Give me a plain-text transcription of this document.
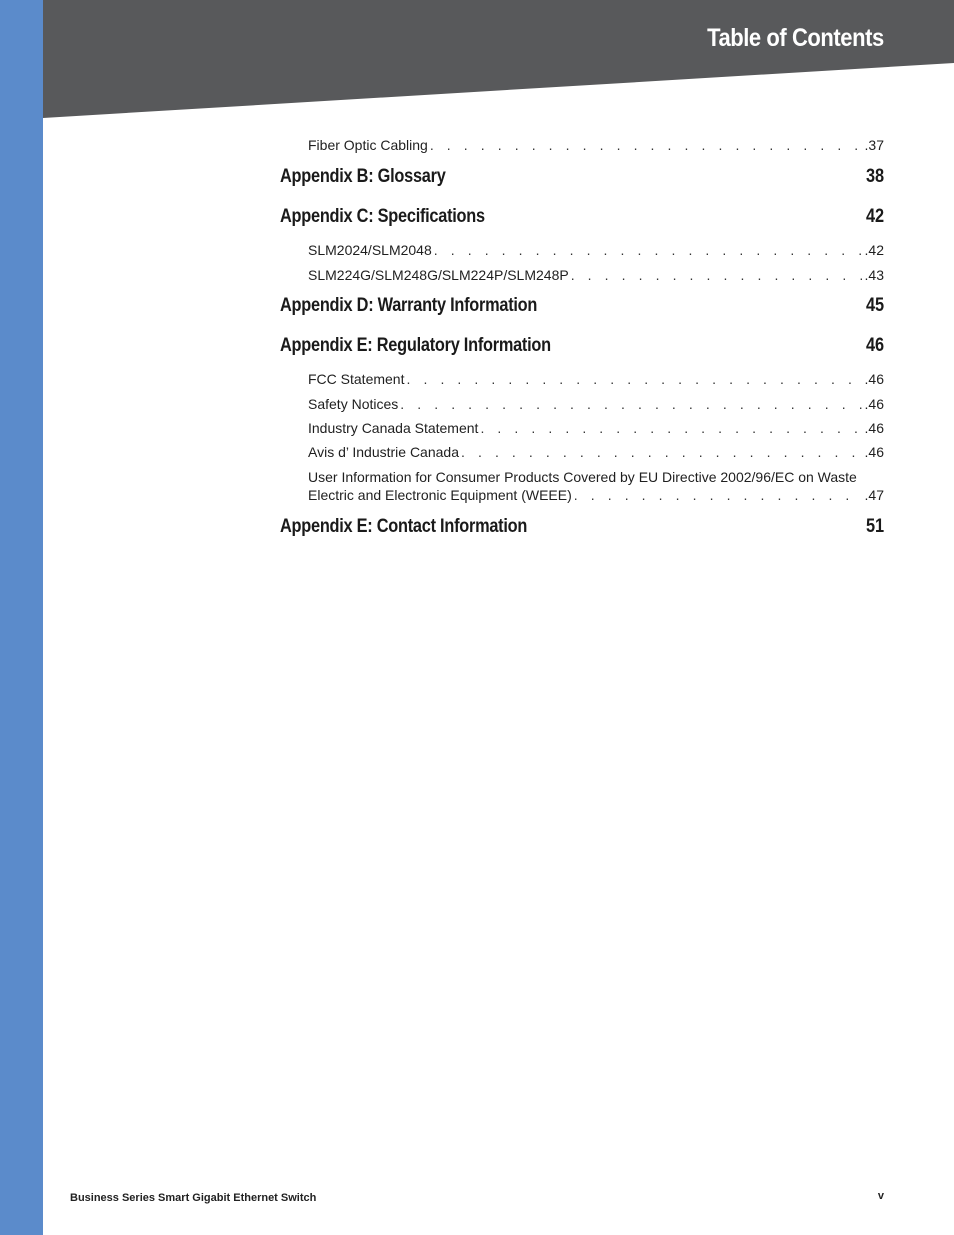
Table of Contents
Fiber Optic Cabling . . .	.37
Appendix B: Glossary	38
Appendix C: Specifications	42
SLM2024/SLM2048 . . .	.42
SLM224G/SLM248G/SLM224P/SLM248P . . .	.43
Appendix D: Warranty Information	45
Appendix E: Regulatory Information	46
FCC Statement . . .	.46
Safety Notices . . .	.46
Industry Canada Statement . . .	.46
Avis d’ Industrie Canada . . .	.46
User Information for Consumer Products Covered by EU Directive 2002/96/EC on Waste
Electric and Electronic Equipment (WEEE) . . .	.47
Appendix E: Contact Information	51
Business Series Smart Gigabit Ethernet Switch	v
